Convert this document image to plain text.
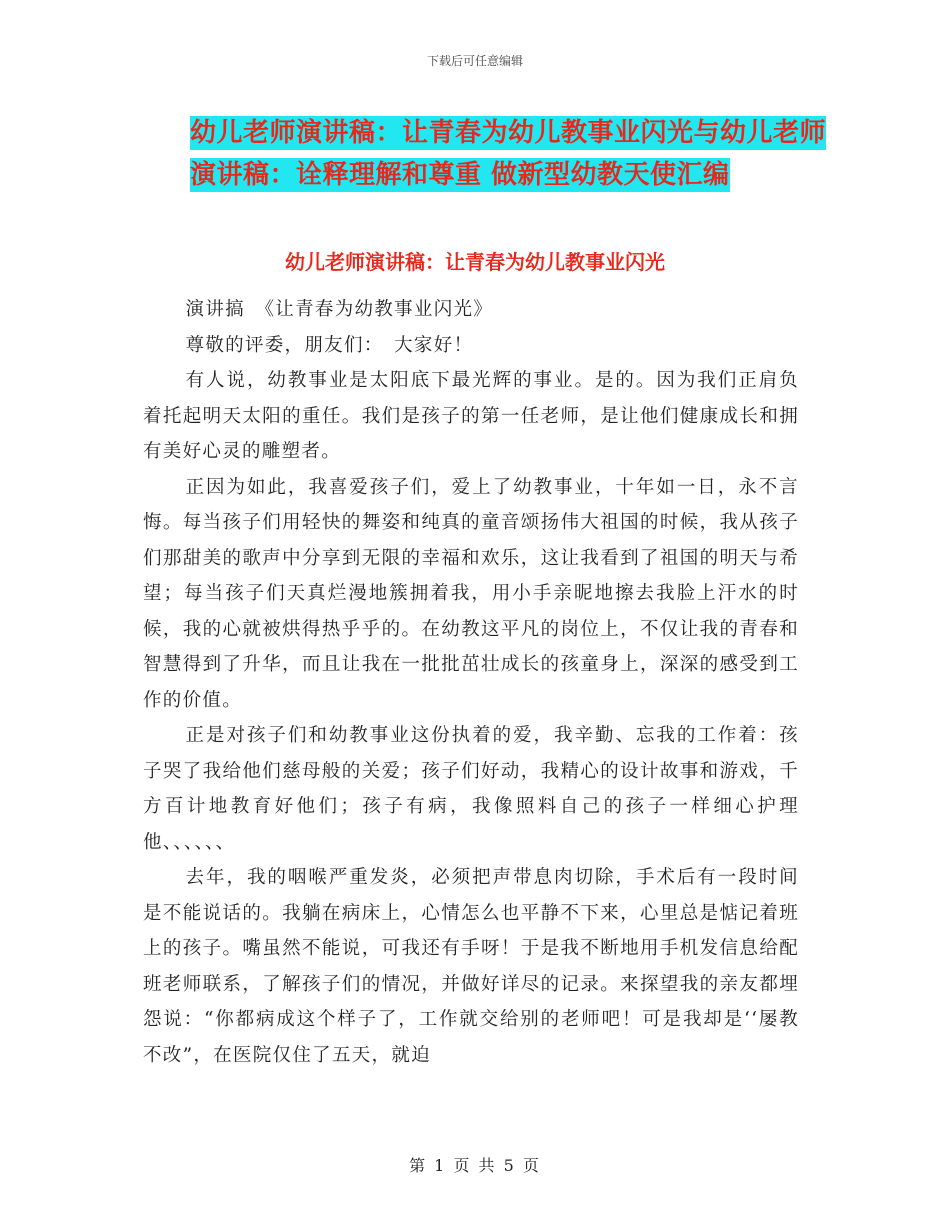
下载后可任意编辑
幼儿老师演讲稿：让青春为幼儿教事业闪光与幼儿老师演讲稿：诠释理解和尊重 做新型幼教天使汇编
幼儿老师演讲稿：让青春为幼儿教事业闪光

演讲搞　《让青春为幼教事业闪光》

尊敬的评委，朋友们：　大家好！

有人说，幼教事业是太阳底下最光辉的事业。是的。因为我们正肩负着托起明天太阳的重任。我们是孩子的第一任老师，是让他们健康成长和拥有美好心灵的雕塑者。

正因为如此，我喜爱孩子们，爱上了幼教事业，十年如一日，永不言悔。每当孩子们用轻快的舞姿和纯真的童音颂扬伟大祖国的时候，我从孩子们那甜美的歌声中分享到无限的幸福和欢乐，这让我看到了祖国的明天与希望；每当孩子们天真烂漫地簇拥着我，用小手亲昵地擦去我脸上汗水的时候，我的心就被烘得热乎乎的。在幼教这平凡的岗位上，不仅让我的青春和智慧得到了升华，而且让我在一批批茁壮成长的孩童身上，深深的感受到工作的价值。

正是对孩子们和幼教事业这份执着的爱，我辛勤、忘我的工作着：孩子哭了我给他们慈母般的关爱；孩子们好动，我精心的设计故事和游戏，千方百计地教育好他们；孩子有病，我像照料自己的孩子一样细心护理他、、、、、、

去年，我的咽喉严重发炎，必须把声带息肉切除，手术后有一段时间是不能说话的。我躺在病床上，心情怎么也平静不下来，心里总是惦记着班上的孩子。嘴虽然不能说，可我还有手呀！于是我不断地用手机发信息给配班老师联系，了解孩子们的情况，并做好详尽的记录。来探望我的亲友都埋怨说：“你都病成这个样子了，工作就交给别的老师吧！可是我却是‘‘屡教不改”，在医院仅住了五天，就迫

第 1 页 共 5 页
